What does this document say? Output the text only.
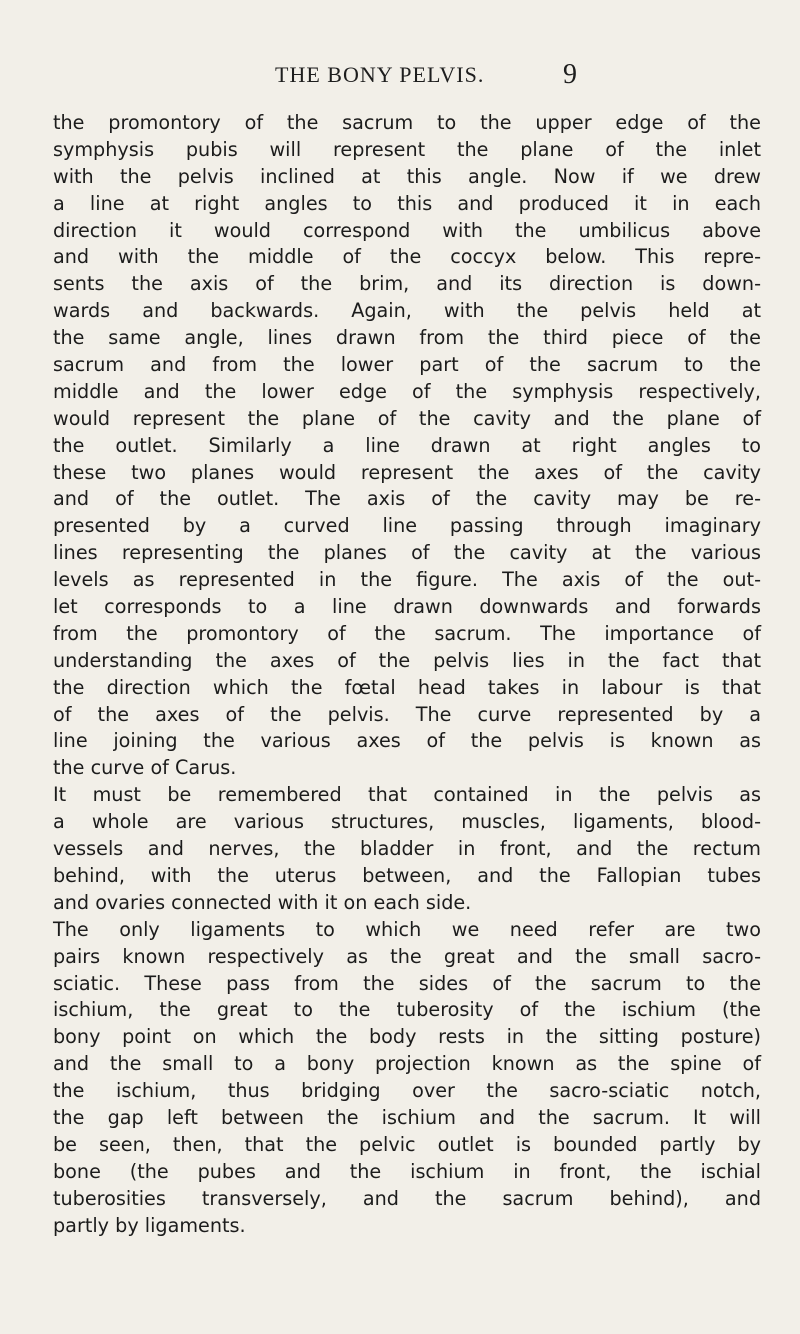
THE BONY PELVIS.	9
the promontory of the sacrum to the upper edge of the
symphysis pubis will represent the plane of the inlet
with the pelvis inclined at this angle. Now if we drew
a line at right angles to this and produced it in each
direction it would correspond with the umbilicus above
and with the middle of the coccyx below. This repre-
sents the axis of the brim, and its direction is down-
wards and backwards. Again, with the pelvis held at
the same angle, lines drawn from the third piece of the
sacrum and from the lower part of the sacrum to the
middle and the lower edge of the symphysis respectively,
would represent the plane of the cavity and the plane of
the outlet. Similarly a line drawn at right angles to
these two planes would represent the axes of the cavity
and of the outlet. The axis of the cavity may be re-
presented by a curved line passing through imaginary
lines representing the planes of the cavity at the various
levels as represented in the figure. The axis of the out-
let corresponds to a line drawn downwards and forwards
from the promontory of the sacrum. The importance of
understanding the axes of the pelvis lies in the fact that
the direction which the fœtal head takes in labour is that
of the axes of the pelvis. The curve represented by a
line joining the various axes of the pelvis is known as
the curve of Carus.
It must be remembered that contained in the pelvis as
a whole are various structures, muscles, ligaments, blood-
vessels and nerves, the bladder in front, and the rectum
behind, with the uterus between, and the Fallopian tubes
and ovaries connected with it on each side.
The only ligaments to which we need refer are two
pairs known respectively as the great and the small sacro-
sciatic. These pass from the sides of the sacrum to the
ischium, the great to the tuberosity of the ischium (the
bony point on which the body rests in the sitting posture)
and the small to a bony projection known as the spine of
the ischium, thus bridging over the sacro-sciatic notch,
the gap left between the ischium and the sacrum. It will
be seen, then, that the pelvic outlet is bounded partly by
bone (the pubes and the ischium in front, the ischial
tuberosities transversely, and the sacrum behind), and
partly by ligaments.
